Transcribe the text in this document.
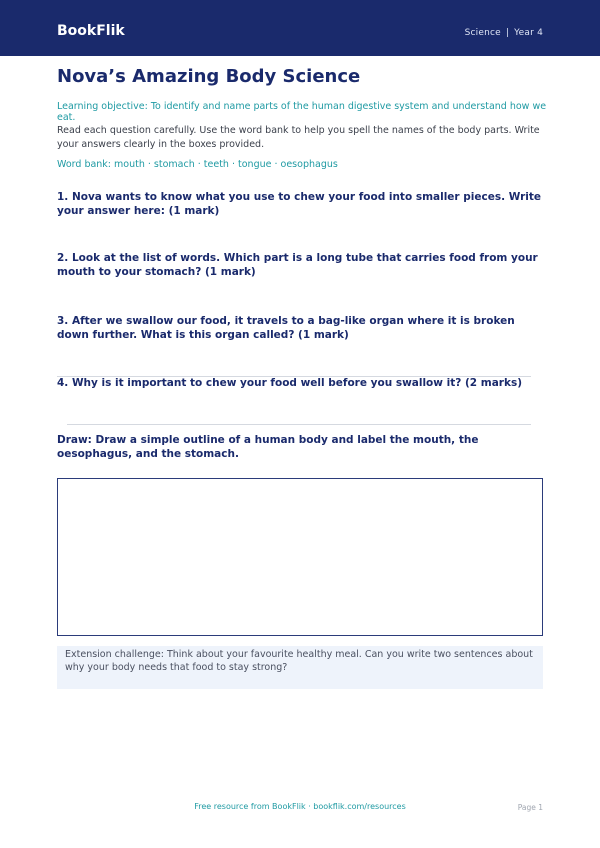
BookFlik	Science | Year 4
Nova’s Amazing Body Science

Learning objective: To identify and name parts of the human digestive system and understand how we eat.

Read each question carefully. Use the word bank to help you spell the names of the body parts. Write your answers clearly in the boxes provided.

Word bank: mouth · stomach · teeth · tongue · oesophagus

1. Nova wants to know what you use to chew your food into smaller pieces. Write your answer here: (1 mark)

2. Look at the list of words. Which part is a long tube that carries food from your mouth to your stomach? (1 mark)

3. After we swallow our food, it travels to a bag-like organ where it is broken down further. What is this organ called? (1 mark)

4. Why is it important to chew your food well before you swallow it? (2 marks)

Draw: Draw a simple outline of a human body and label the mouth, the oesophagus, and the stomach.

Extension challenge: Think about your favourite healthy meal. Can you write two sentences about why your body needs that food to stay strong?
Free resource from BookFlik · bookflik.com/resources	Page 1
